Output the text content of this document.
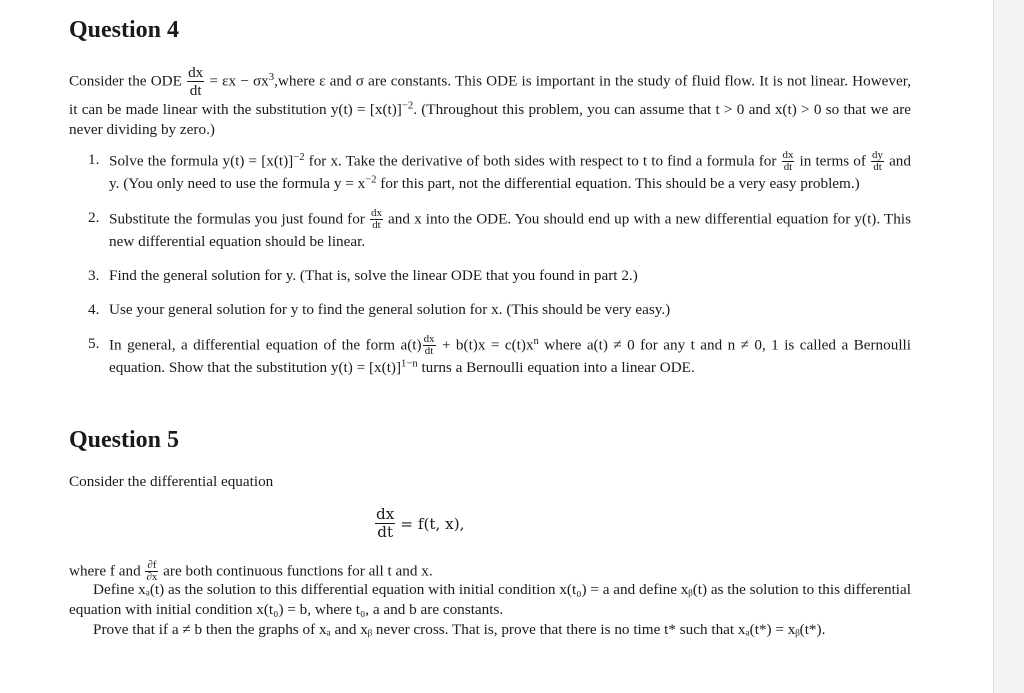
Question 4
Consider the ODE $\frac{dx}{dt} = \varepsilon x$ − $\sigma x^3,where$ ε and σ are constants. This ODE is important in the study of fluid flow. It is not linear. However, it can be made linear with the substitution $y(t) = [x(t)]^{-2}$. (Throughout this problem, you can assume that t > 0 and x(t) > 0 so that we are never dividing by zero.)
1. Solve the formula $y(t) = [x(t)]^{-2}$ for x. Take the derivative of both sides with respect to t to find a formula for $\frac{dx}{dt}$ in terms of $\frac{dy}{dt}$ and y. (You only need to use the formula $y = x^{-2}$ for this part, not the differential equation. This should be a very easy problem.)
2. Substitute the formulas you just found for $\frac{dx}{dt}$ and x into the ODE. You should end up with a new differential equation for y(t). This new differential equation should be linear.
3. Find the general solution for y. (That is, solve the linear ODE that you found in part 2.)
4. Use your general solution for y to find the general solution for x. (This should be very easy.)
5. In general, a differential equation of the form $a(t) \frac{dx}{dt} + b(t)x = c(t)x^n$ where a(t) ≠ 0 for any t and n ≠ 0, 1 is called a Bernoulli equation. Show that the substitution $y(t) = [x(t)]^{1-n}$ turns a Bernoulli equation into a linear ODE.
Question 5
Consider the differential equation
where f and $\frac{\partial f}{\partial x}$ are both continuous functions for all t and x.
Define xₐ(t) as the solution to this differential equation with initial condition x(t₀) = a and define xᵦ(t) as the solution to this differential equation with initial condition x(t₀) = b, where t₀, a and b are constants.
Prove that if a ≠ b then the graphs of xₐ and xᵦ never cross. That is, prove that there is no time t* such that xₐ(t*) = xᵦ(t*).
$\frac{dx}{dt} = f(t$, x),
